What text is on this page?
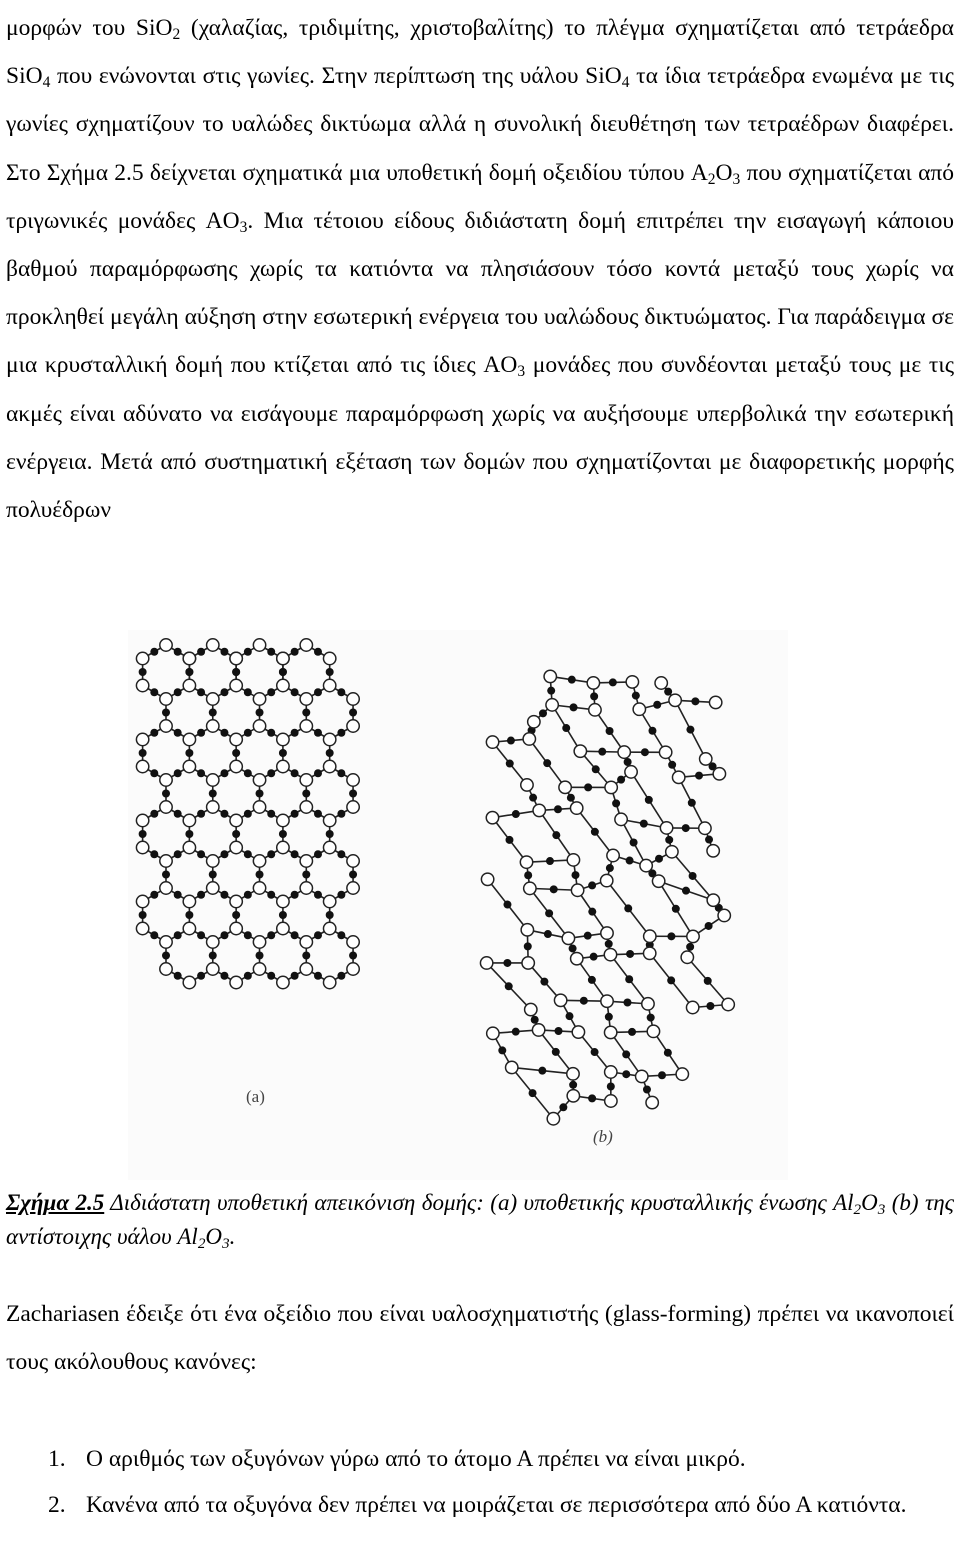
μορφών του SiO$_2$ (χαλαζίας, τριδιμίτης, χριστοβαλίτης) το πλέγμα σχηματίζεται από τετράεδρα SiO$_4$ που ενώνονται στις γωνίες. Στην περίπτωση της υάλου SiO$_4$ τα ίδια τετράεδρα ενωμένα με τις γωνίες σχηματίζουν το υαλώδες δικτύωμα αλλά η συνολική διευθέτηση των τετραέδρων διαφέρει. Στο Σχήμα 2.5 δείχνεται σχηματικά μια υποθετική δομή οξειδίου τύπου $A_2O_3$ που σχηματίζεται από τριγωνικές μονάδες $AO_3$. Μια τέτοιου είδους διδιάστατη δομή επιτρέπει την εισαγωγή κάποιου βαθμού παραμόρφωσης χωρίς τα κατιόντα να πλησιάσουν τόσο κοντά μεταξύ τους χωρίς να προκληθεί μεγάλη αύξηση στην εσωτερική ενέργεια του υαλώδους δικτυώματος. Για παράδειγμα σε μια κρυσταλλική δομή που κτίζεται από τις ίδιες $AO_3$ μονάδες που συνδέονται μεταξύ τους με τις ακμές είναι αδύνατο να εισάγουμε παραμόρφωση χωρίς να αυξήσουμε υπερβολικά την εσωτερική ενέργεια. Μετά από συστηματική εξέταση των δομών που σχηματίζονται με διαφορετικής μορφής πολυέδρων

(a)
(b)

Σχήμα 2.5 Διδιάστατη υποθετική απεικόνιση δομής: (a) υποθετικής κρυσταλλικής ένωσης $Al_2O_3$ (b) της αντίστοιχης υάλου $Al_2O_3$.

Zachariasen έδειξε ότι ένα οξείδιο που είναι υαλοσχηματιστής (glass-forming) πρέπει να ικανοποιεί τους ακόλουθους κανόνες:

1. Ο αριθμός των οξυγόνων γύρω από το άτομο Α πρέπει να είναι μικρό.
2. Κανένα από τα οξυγόνα δεν πρέπει να μοιράζεται σε περισσότερα από δύο Α κατιόντα.
